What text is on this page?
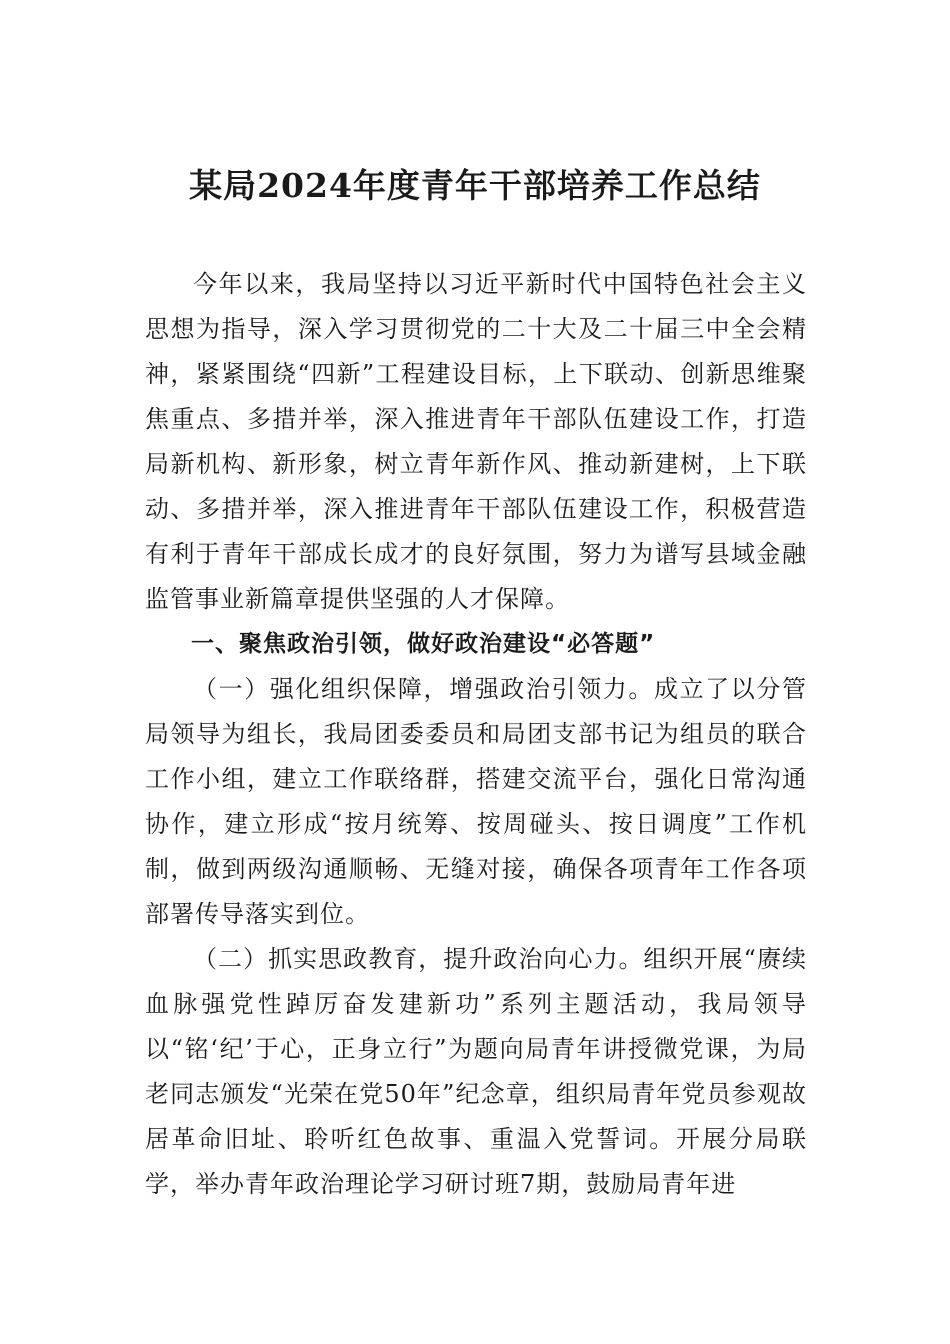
某局2024年度青年干部培养工作总结

今年以来，我局坚持以习近平新时代中国特色社会主义思想为指导，深入学习贯彻党的二十大及二十届三中全会精神，紧紧围绕“四新”工程建设目标，上下联动、创新思维聚焦重点、多措并举，深入推进青年干部队伍建设工作，打造局新机构、新形象，树立青年新作风、推动新建树，上下联动、多措并举，深入推进青年干部队伍建设工作，积极营造有利于青年干部成长成才的良好氛围，努力为谱写县域金融监管事业新篇章提供坚强的人才保障。

一、聚焦政治引领，做好政治建设“必答题”

（一）强化组织保障，增强政治引领力。成立了以分管局领导为组长，我局团委委员和局团支部书记为组员的联合工作小组，建立工作联络群，搭建交流平台，强化日常沟通协作，建立形成“按月统筹、按周碰头、按日调度”工作机制，做到两级沟通顺畅、无缝对接，确保各项青年工作各项部署传导落实到位。

（二）抓实思政教育，提升政治向心力。组织开展“赓续血脉强党性踔厉奋发建新功”系列主题活动，我局领导以“铭‘纪’于心，正身立行”为题向局青年讲授微党课，为局老同志颁发“光荣在党50年”纪念章，组织局青年党员参观故居革命旧址、聆听红色故事、重温入党誓词。开展分局联学，举办青年政治理论学习研讨班7期，鼓励局青年进
